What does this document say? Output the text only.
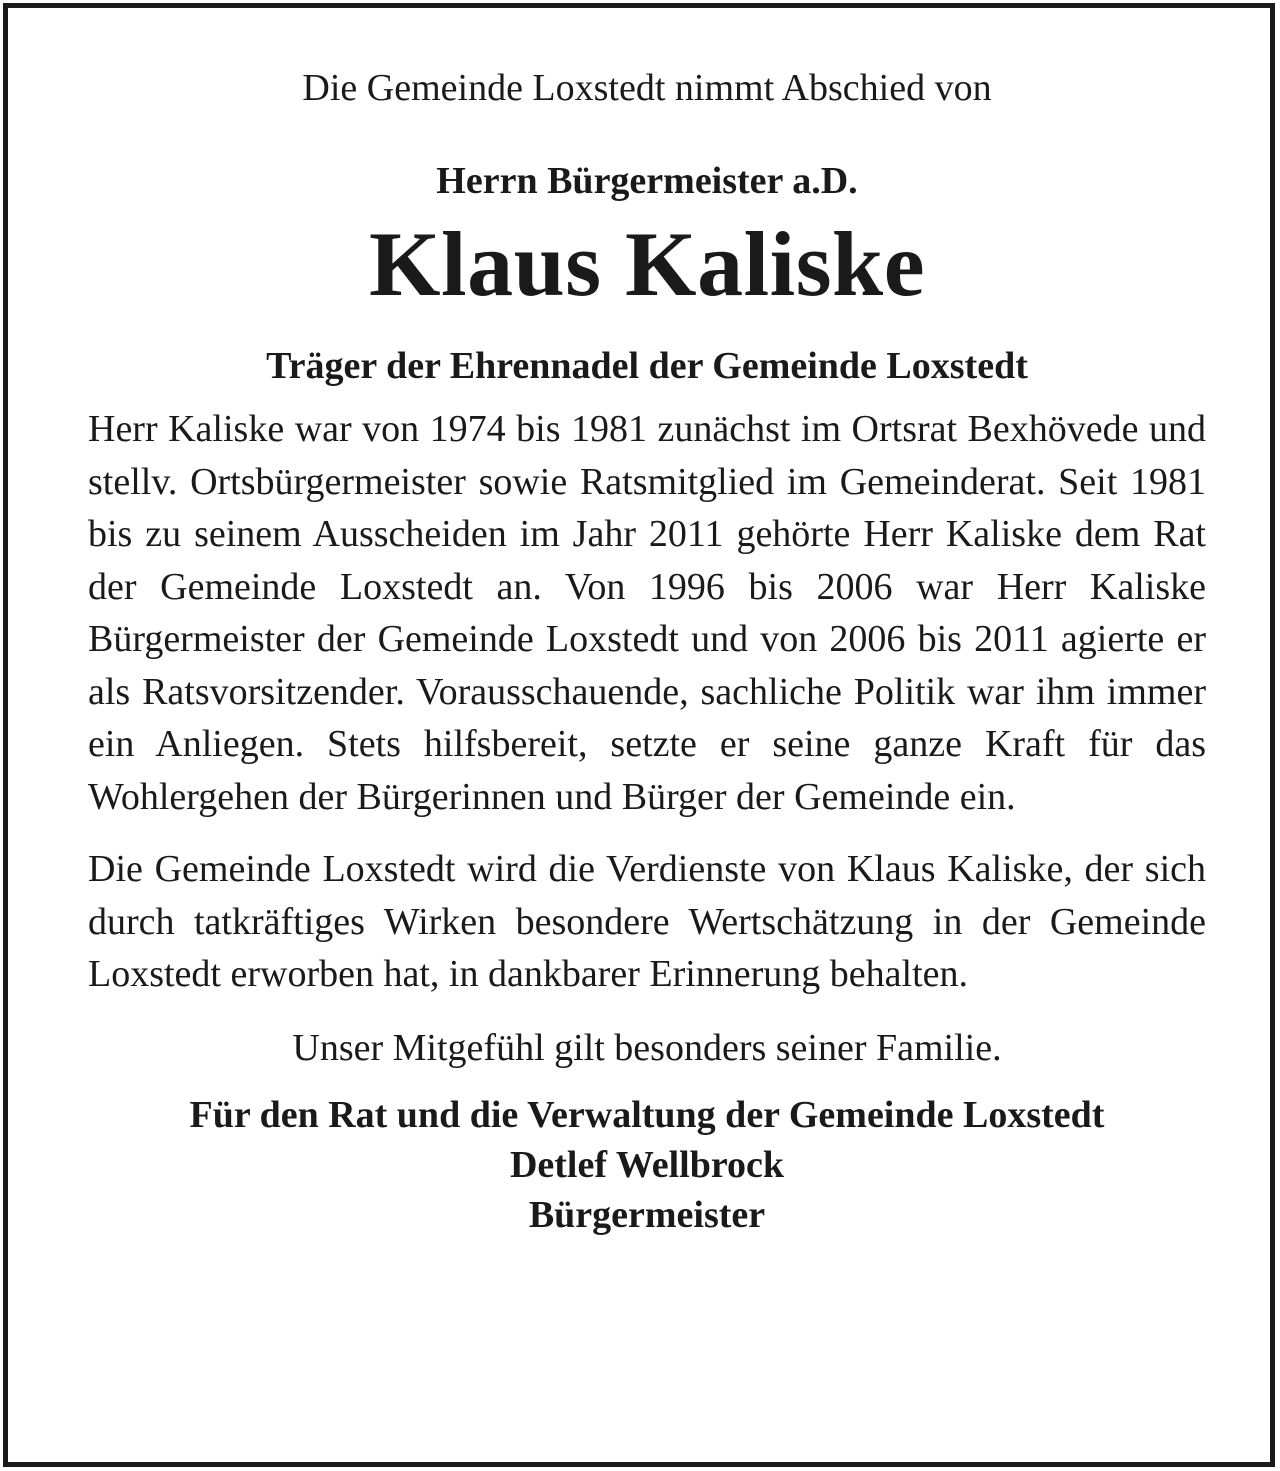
Die Gemeinde Loxstedt nimmt Abschied von

Herrn Bürgermeister a.D.

Klaus Kaliske

Träger der Ehrennadel der Gemeinde Loxstedt

Herr Kaliske war von 1974 bis 1981 zunächst im Ortsrat Bexhövede und stellv. Ortsbürgermeister sowie Ratsmitglied im Gemeinderat. Seit 1981 bis zu seinem Ausscheiden im Jahr 2011 gehörte Herr Kaliske dem Rat der Gemeinde Loxstedt an. Von 1996 bis 2006 war Herr Kaliske Bürgermeister der Gemeinde Loxstedt und von 2006 bis 2011 agierte er als Ratsvorsitzender. Vorausschauende, sachliche Politik war ihm immer ein Anliegen. Stets hilfsbereit, setzte er seine ganze Kraft für das Wohlergehen der Bürgerinnen und Bürger der Gemeinde ein.

Die Gemeinde Loxstedt wird die Verdienste von Klaus Kaliske, der sich durch tatkräftiges Wirken besondere Wertschätzung in der Gemeinde Loxstedt erworben hat, in dankbarer Erinnerung behalten.

Unser Mitgefühl gilt besonders seiner Familie.

Für den Rat und die Verwaltung der Gemeinde Loxstedt
Detlef Wellbrock
Bürgermeister
